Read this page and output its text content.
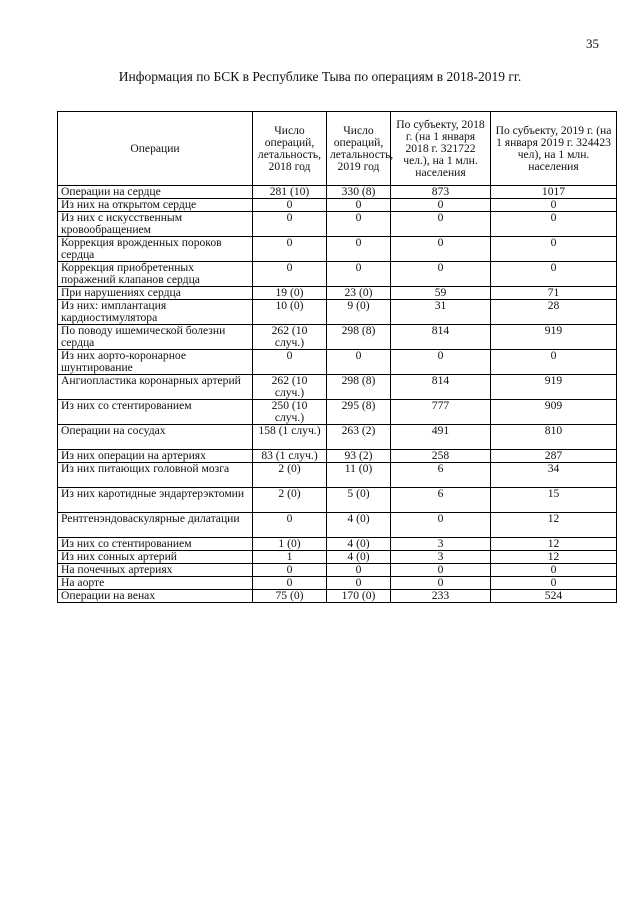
35
Информация по БСК в Республике Тыва по операциям в 2018-2019 гг.
Операции	Число операций, летальность, 2018 год	Число операций, летальность, 2019 год	По субъекту, 2018 г. (на 1 января 2018 г. 321722 чел.), на 1 млн. населения	По субъекту, 2019 г. (на 1 января 2019 г. 324423 чел), на 1 млн. населения
Операции на сердце	281 (10)	330 (8)	873	1017
Из них на открытом сердце	0	0	0	0
Из них с искусственным кровообращением	0	0	0	0
Коррекция врожденных пороков сердца	0	0	0	0
Коррекция приобретенных поражений клапанов сердца	0	0	0	0
При нарушениях сердца	19 (0)	23 (0)	59	71
Из них: имплантация кардиостимулятора	10 (0)	9 (0)	31	28
По поводу ишемической болезни сердца	262 (10 случ.)	298 (8)	814	919
Из них аорто-коронарное шунтирование	0	0	0	0
Ангиопластика коронарных артерий	262 (10 случ.)	298 (8)	814	919
Из них со стентированием	250 (10 случ.)	295 (8)	777	909
Операции на сосудах	158 (1 случ.)	263 (2)	491	810
Из них операции на артериях	83 (1 случ.)	93 (2)	258	287
Из них питающих головной мозга	2 (0)	11 (0)	6	34
Из них каротидные эндартерэктомии	2 (0)	5 (0)	6	15
Рентгенэндоваскулярные дилатации	0	4 (0)	0	12
Из них со стентированием	1 (0)	4 (0)	3	12
Из них сонных артерий	1	4 (0)	3	12
На почечных артериях	0	0	0	0
На аорте	0	0	0	0
Операции на венах	75 (0)	170 (0)	233	524
